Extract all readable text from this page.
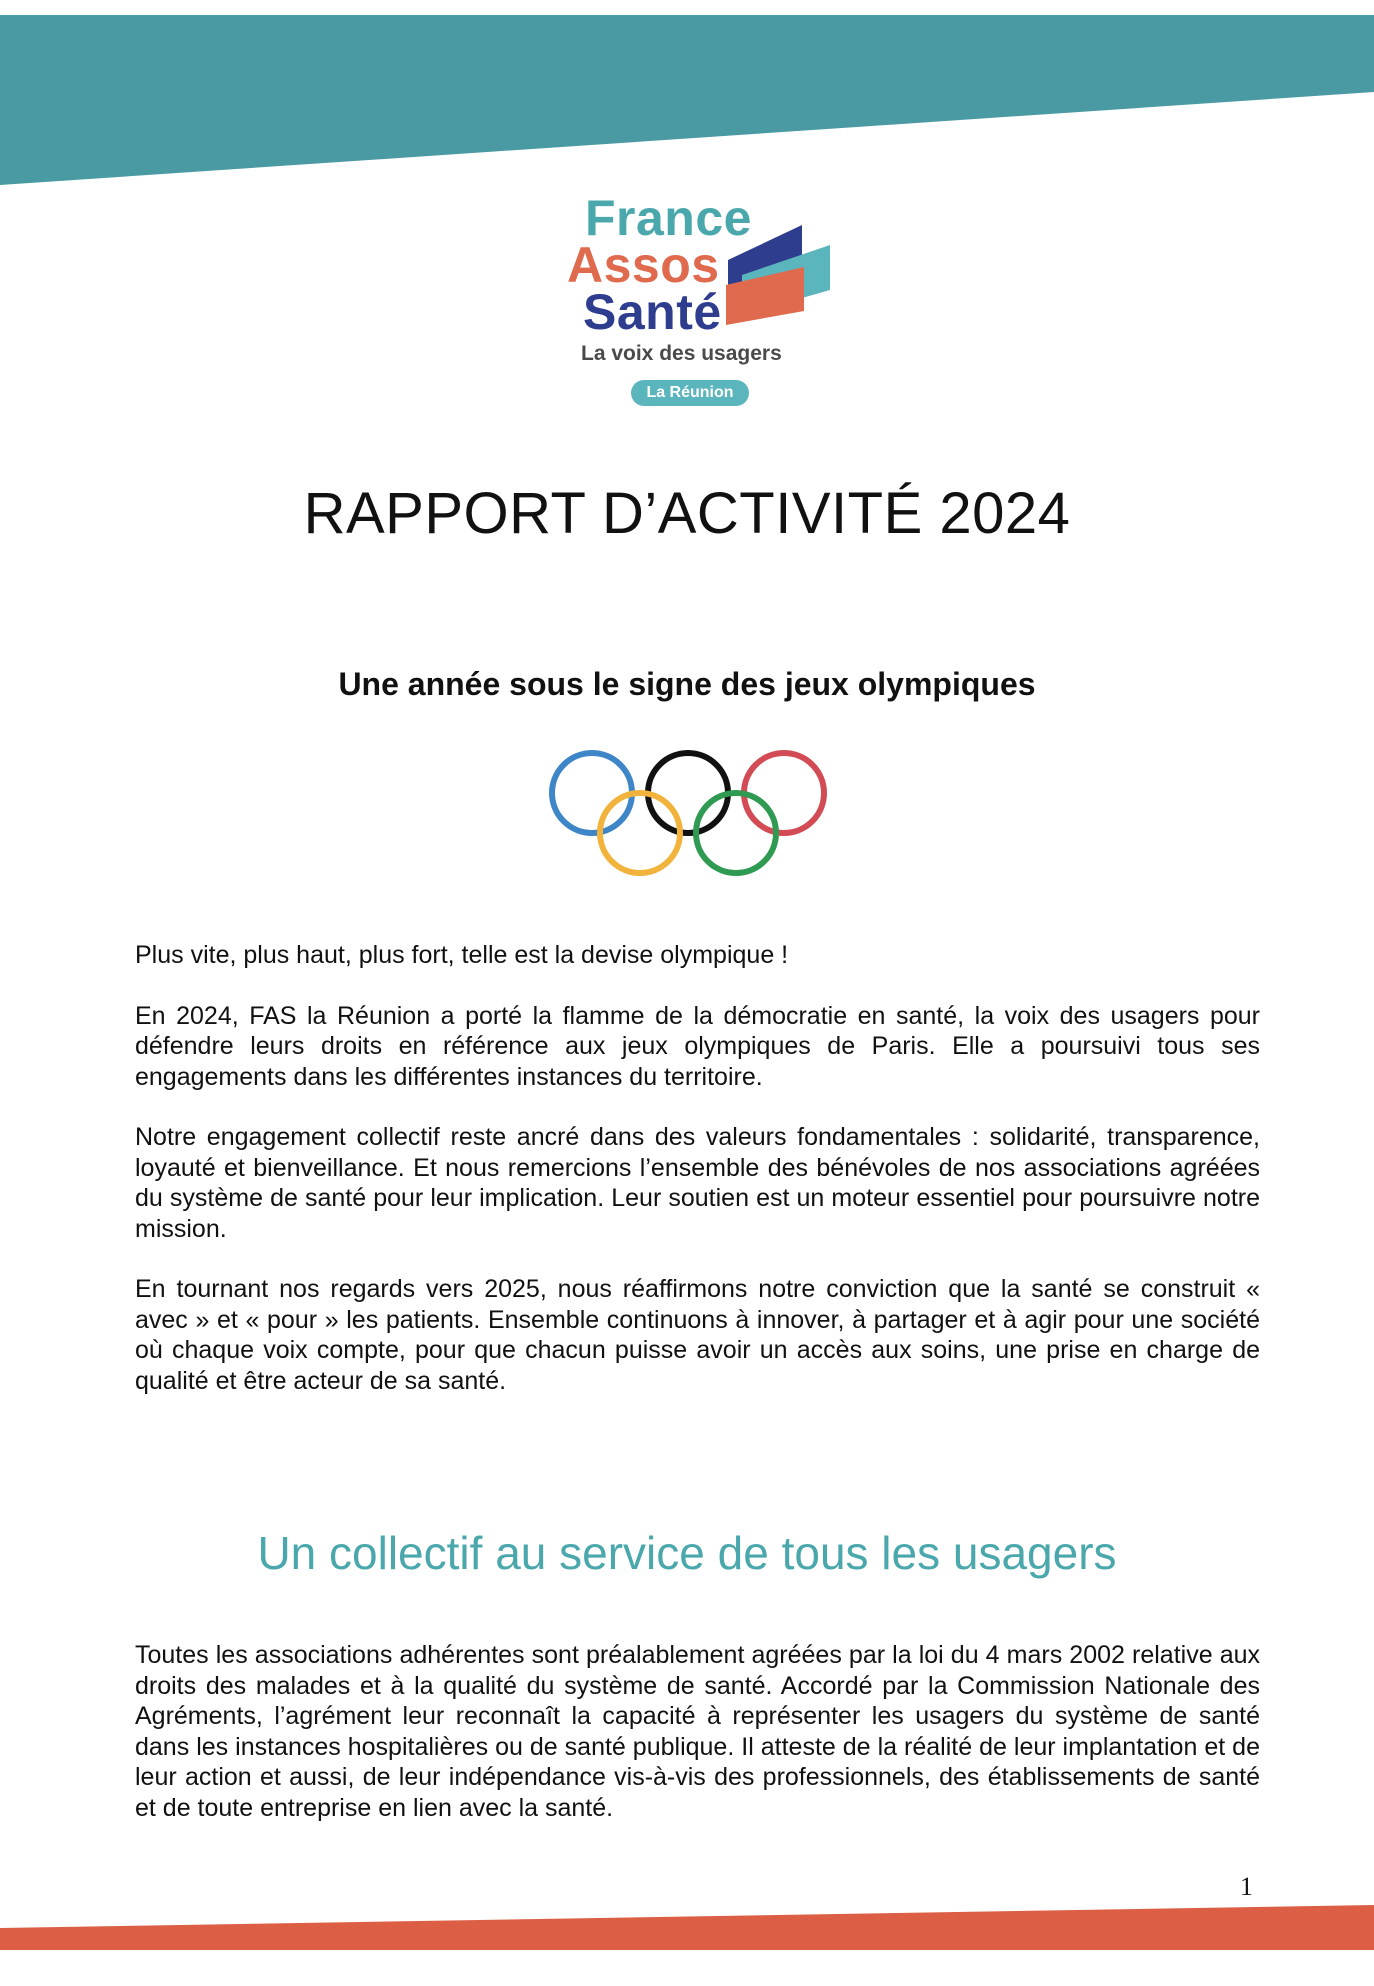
France
Assos
Santé
La voix des usagers
La Réunion
RAPPORT D’ACTIVITÉ 2024
Une année sous le signe des jeux olympiques

Plus vite, plus haut, plus fort, telle est la devise olympique !

En 2024, FAS la Réunion a porté la flamme de la démocratie en santé, la voix des usagers pour défendre leurs droits en référence aux jeux olympiques de Paris. Elle a poursuivi tous ses engagements dans les différentes instances du territoire.

Notre engagement collectif reste ancré dans des valeurs fondamentales : solidarité, transparence, loyauté et bienveillance. Et nous remercions l’ensemble des bénévoles de nos associations agréées du système de santé pour leur implication. Leur soutien est un moteur essentiel pour poursuivre notre mission.

En tournant nos regards vers 2025, nous réaffirmons notre conviction que la santé se construit « avec » et « pour » les patients. Ensemble continuons à innover, à partager et à agir pour une société où chaque voix compte, pour que chacun puisse avoir un accès aux soins, une prise en charge de qualité et être acteur de sa santé.

Un collectif au service de tous les usagers

Toutes les associations adhérentes sont préalablement agréées par la loi du 4 mars 2002 relative aux droits des malades et à la qualité du système de santé. Accordé par la Commission Nationale des Agréments, l’agrément leur reconnaît la capacité à représenter les usagers du système de santé dans les instances hospitalières ou de santé publique. Il atteste de la réalité de leur implantation et de leur action et aussi, de leur indépendance vis-à-vis des professionnels, des établissements de santé et de toute entreprise en lien avec la santé.

1
